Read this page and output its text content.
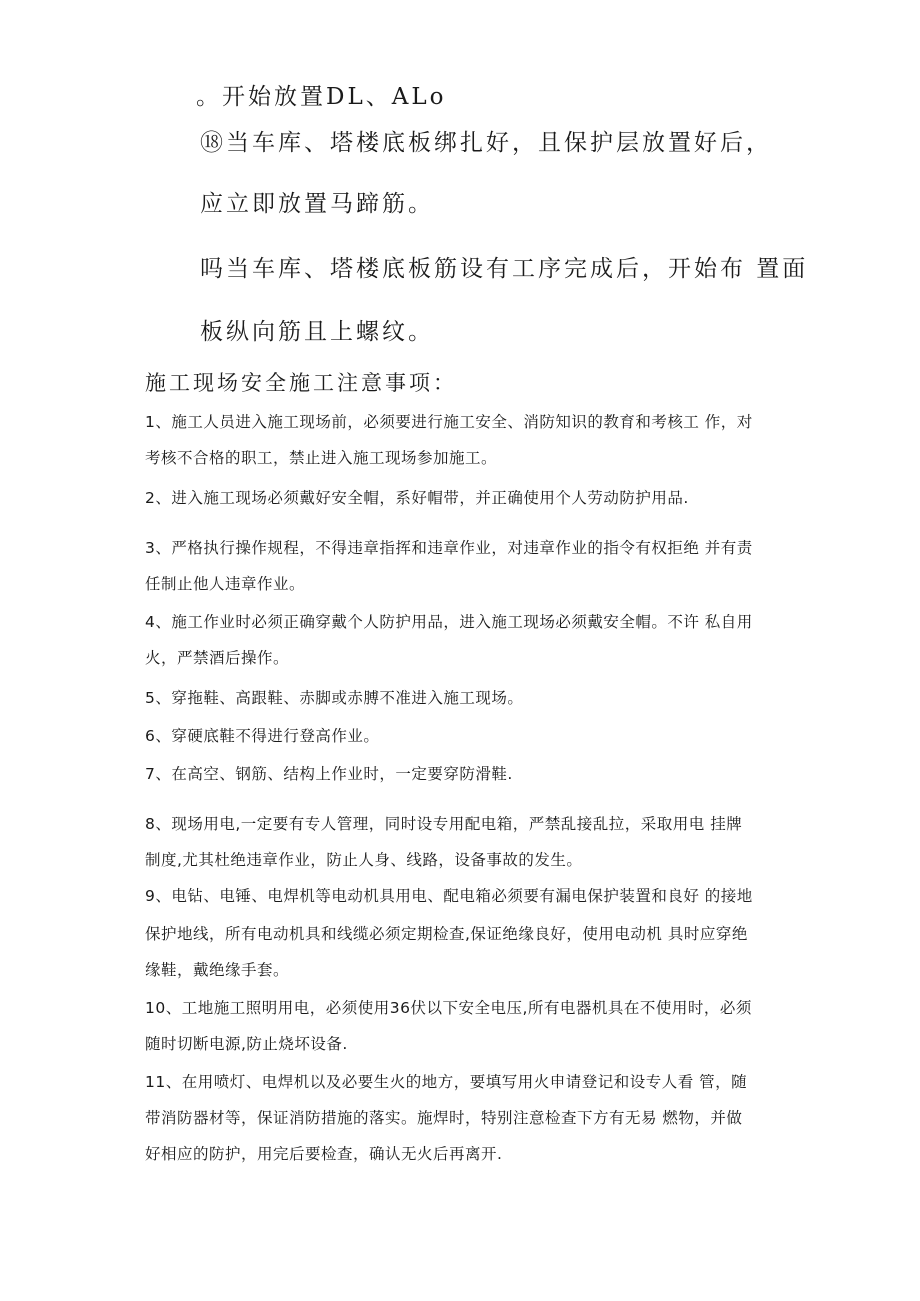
。开始放置DL、ALo

⑱当车库、塔楼底板绑扎好，且保护层放置好后，

应立即放置马蹄筋。

吗当车库、塔楼底板筋设有工序完成后，开始布 置面

板纵向筋且上螺纹。

施工现场安全施工注意事项：

1、施工人员进入施工现场前，必须要进行施工安全、消防知识的教育和考核工 作，对

考核不合格的职工，禁止进入施工现场参加施工。

2、进入施工现场必须戴好安全帽，系好帽带，并正确使用个人劳动防护用品.

3、严格执行操作规程，不得违章指挥和违章作业，对违章作业的指令有权拒绝 并有责

任制止他人违章作业。

4、施工作业时必须正确穿戴个人防护用品，进入施工现场必须戴安全帽。不许 私自用

火，严禁酒后操作。

5、穿拖鞋、高跟鞋、赤脚或赤膊不准进入施工现场。

6、穿硬底鞋不得进行登高作业。

7、在高空、钢筋、结构上作业时，一定要穿防滑鞋.

8、现场用电,一定要有专人管理，同时设专用配电箱，严禁乱接乱拉，采取用电 挂牌

制度,尤其杜绝违章作业，防止人身、线路，设备事故的发生。

9、电钻、电锤、电焊机等电动机具用电、配电箱必须要有漏电保护装置和良好 的接地

保护地线，所有电动机具和线缆必须定期检查,保证绝缘良好，使用电动机 具时应穿绝

缘鞋，戴绝缘手套。

10、工地施工照明用电，必须使用36伏以下安全电压,所有电器机具在不使用时，必须

随时切断电源,防止烧坏设备.

11、在用喷灯、电焊机以及必要生火的地方，要填写用火申请登记和设专人看 管，随

带消防器材等，保证消防措施的落实。施焊时，特别注意检查下方有无易 燃物，并做

好相应的防护，用完后要检查，确认无火后再离开.
